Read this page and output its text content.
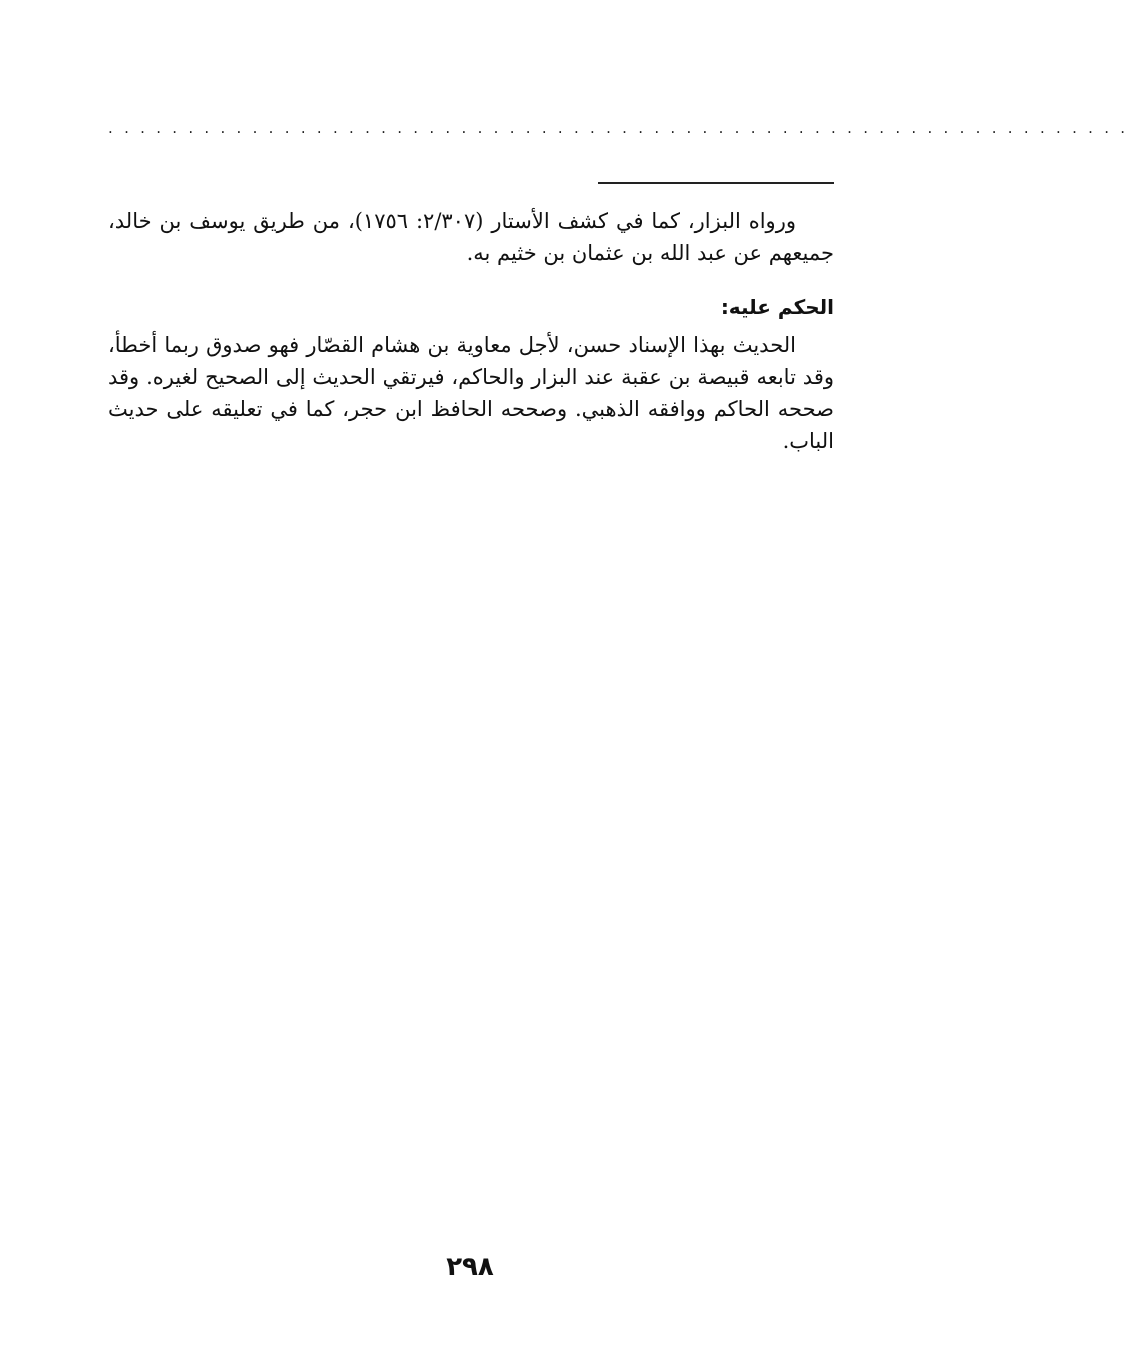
................................................................

ورواه البزار، كما في كشف الأستار (٢/٣٠٧: ١٧٥٦)، من طريق يوسف بن خالد، جميعهم عن عبد الله بن عثمان بن خثيم به.

الحكم عليه:

الحديث بهذا الإسناد حسن، لأجل معاوية بن هشام القصّار فهو صدوق ربما أخطأ، وقد تابعه قبيصة بن عقبة عند البزار والحاكم، فيرتقي الحديث إلى الصحيح لغيره. وقد صححه الحاكم ووافقه الذهبي. وصححه الحافظ ابن حجر، كما في تعليقه على حديث الباب.

٢٩٨
